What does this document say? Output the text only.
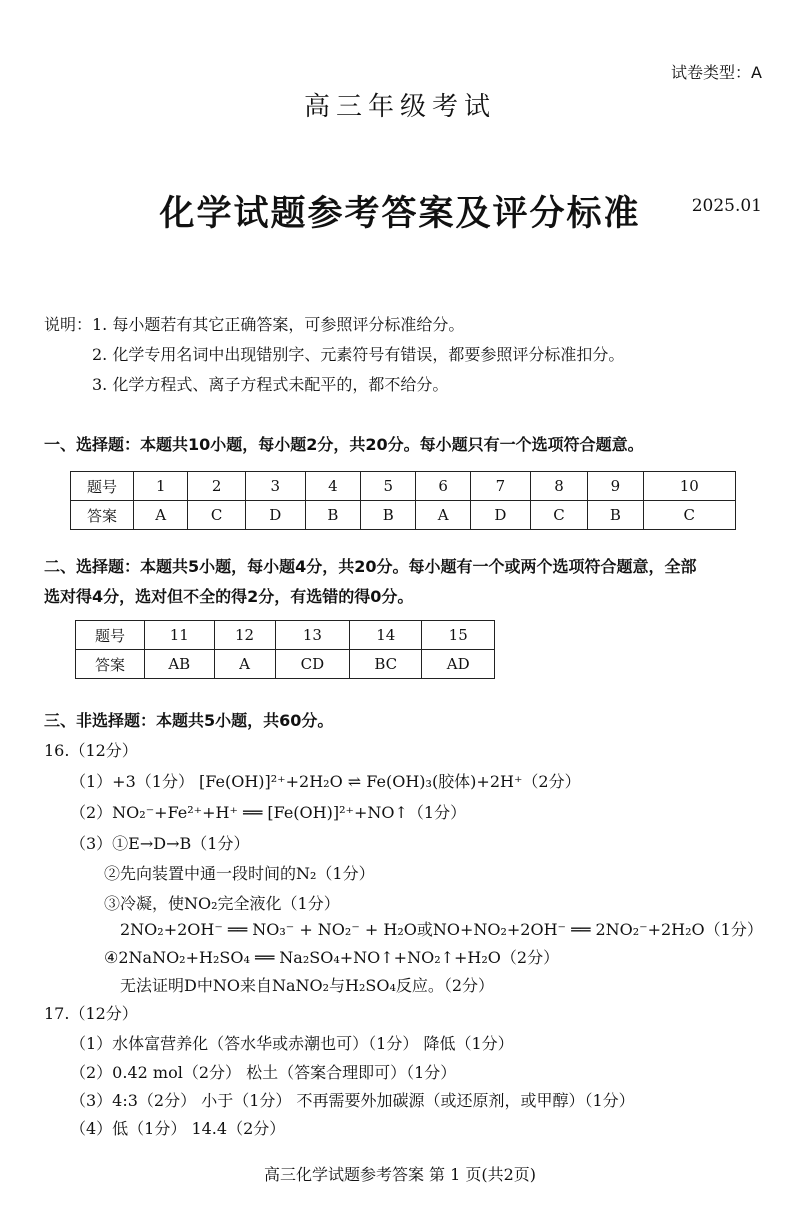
试卷类型：A
高三年级考试
化学试题参考答案及评分标准	2025.01
说明：1. 每小题若有其它正确答案，可参照评分标准给分。
2. 化学专用名词中出现错别字、元素符号有错误，都要参照评分标准扣分。
3. 化学方程式、离子方程式未配平的，都不给分。
一、选择题：本题共10小题，每小题2分，共20分。每小题只有一个选项符合题意。
题号	1	2	3	4	5	6	7	8	9	10
答案	A	C	D	B	B	A	D	C	B	C
二、选择题：本题共5小题，每小题4分，共20分。每小题有一个或两个选项符合题意，全部
选对得4分，选对但不全的得2分，有选错的得0分。
题号	11	12	13	14	15
答案	AB	A	CD	BC	AD
三、非选择题：本题共5小题，共60分。
16.（12分）
（1）+3（1分） [Fe(OH)]²⁺+2H₂O ⇌ Fe(OH)₃(胶体)+2H⁺（2分）
（2）NO₂⁻+Fe²⁺+H⁺ ══ [Fe(OH)]²⁺+NO↑（1分）
（3）①E→D→B（1分）
②先向装置中通一段时间的N₂（1分）
③冷凝，使NO₂完全液化（1分）
2NO₂+2OH⁻ ══ NO₃⁻ + NO₂⁻ + H₂O或NO+NO₂+2OH⁻ ══ 2NO₂⁻+2H₂O（1分）
④2NaNO₂+H₂SO₄ ══ Na₂SO₄+NO↑+NO₂↑+H₂O（2分）
无法证明D中NO来自NaNO₂与H₂SO₄反应。（2分）
17.（12分）
（1）水体富营养化（答水华或赤潮也可）（1分） 降低（1分）
（2）0.42 mol（2分） 松土（答案合理即可）（1分）
（3）4:3（2分） 小于（1分） 不再需要外加碳源（或还原剂，或甲醇）（1分）
（4）低（1分） 14.4（2分）
高三化学试题参考答案 第 1 页(共2页)
